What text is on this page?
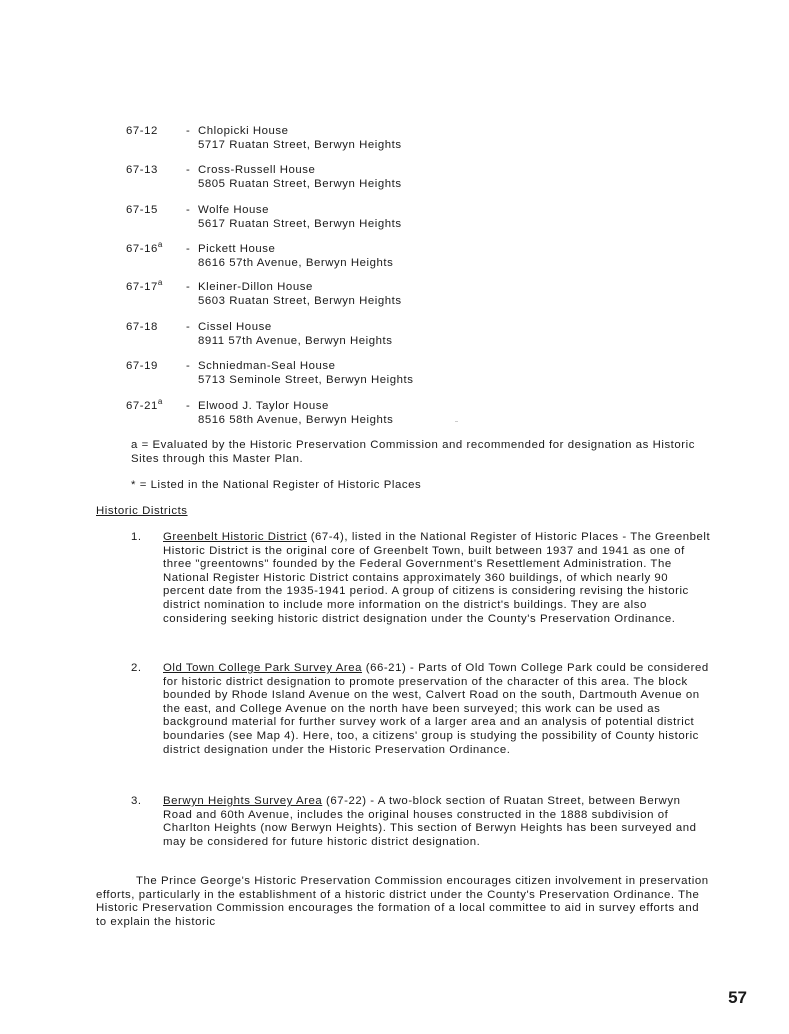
67-12	- Chlopicki House
5717 Ruatan Street, Berwyn Heights
67-13	- Cross-Russell House
5805 Ruatan Street, Berwyn Heights
67-15	- Wolfe House
5617 Ruatan Street, Berwyn Heights
67-16$^a$	- Pickett House
8616 57th Avenue, Berwyn Heights
67-17$^a$	- Kleiner-Dillon House
5603 Ruatan Street, Berwyn Heights
67-18	- Cissel House
8911 57th Avenue, Berwyn Heights
67-19	- Schniedman-Seal House
5713 Seminole Street, Berwyn Heights
67-21$^a$	- Elwood J. Taylor House
8516 58th Avenue, Berwyn Heights
a = Evaluated by the Historic Preservation Commission and recommended for designation as Historic Sites through this Master Plan.
* = Listed in the National Register of Historic Places
Historic Districts
1. Greenbelt Historic District (67-4), listed in the National Register of Historic Places - The Greenbelt Historic District is the original core of Greenbelt Town, built between 1937 and 1941 as one of three "greentowns" founded by the Federal Government's Resettlement Administration. The National Register Historic District contains approximately 360 buildings, of which nearly 90 percent date from the 1935-1941 period. A group of citizens is considering revising the historic district nomination to include more information on the district's buildings. They are also considering seeking historic district designation under the County's Preservation Ordinance.
2. Old Town College Park Survey Area (66-21) - Parts of Old Town College Park could be considered for historic district designation to promote preservation of the character of this area. The block bounded by Rhode Island Avenue on the west, Calvert Road on the south, Dartmouth Avenue on the east, and College Avenue on the north have been surveyed; this work can be used as background material for further survey work of a larger area and an analysis of potential district boundaries (see Map 4). Here, too, a citizens' group is studying the possibility of County historic district designation under the Historic Preservation Ordinance.
3. Berwyn Heights Survey Area (67-22) - A two-block section of Ruatan Street, between Berwyn Road and 60th Avenue, includes the original houses constructed in the 1888 subdivision of Charlton Heights (now Berwyn Heights). This section of Berwyn Heights has been surveyed and may be considered for future historic district designation.
The Prince George's Historic Preservation Commission encourages citizen involvement in preservation efforts, particularly in the establishment of a historic district under the County's Preservation Ordinance. The Historic Preservation Commission encourages the formation of a local committee to aid in survey efforts and to explain the historic
57
